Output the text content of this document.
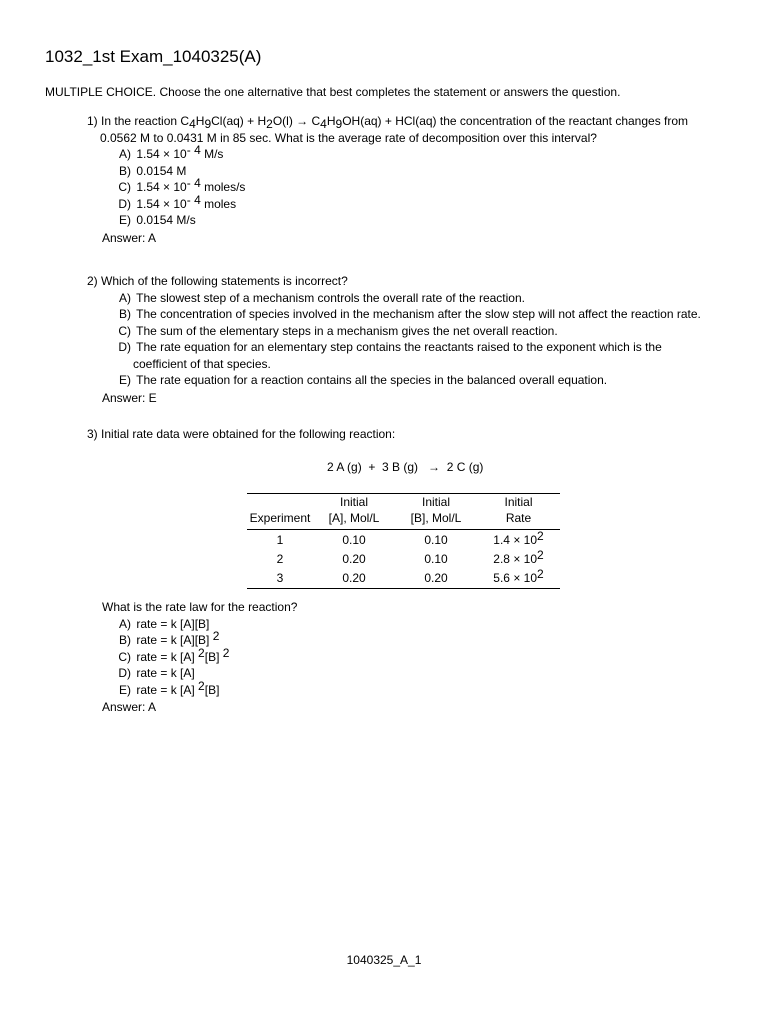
1032_1st Exam_1040325(A)
MULTIPLE CHOICE. Choose the one alternative that best completes the statement or answers the question.
1) In the reaction $C_4H_9Cl(aq) + H_2O(l) \to C_4H_9OH(aq) + HCl(aq)$ the concentration of the reactant changes from
0.0562 M to 0.0431 M in 85 sec. What is the average rate of decomposition over this interval?
A) $1.54 \times 10^{- 4}$ M/s
B) 0.0154 M
C) $1.54 \times 10^{- 4}$ moles/s
D) $1.54 \times 10^{- 4}$ moles
E) 0.0154 M/s
Answer: A
2) Which of the following statements is incorrect?
A) The slowest step of a mechanism controls the overall rate of the reaction.
B) The concentration of species involved in the mechanism after the slow step will not affect the reaction rate.
C) The sum of the elementary steps in a mechanism gives the net overall reaction.
D) The rate equation for an elementary step contains the reactants raised to the exponent which is the
coefficient of that species.
E) The rate equation for a reaction contains all the species in the balanced overall equation.
Answer: E
3) Initial rate data were obtained for the following reaction:
2 A (g)  +  3 B (g)   →  2 C (g)
	Initial	Initial	Initial
Experiment	[A], Mol/L	[B], Mol/L	Rate
1	0.10	0.10	$1.4 \times 10^2$
2	0.20	0.10	$2.8 \times 10^2$
3	0.20	0.20	$5.6 \times 10^2$
What is the rate law for the reaction?
A) rate = k [A][B]
B) rate = k [A][B] $^2$
C) rate = k [A] $^2$[B] $^2$
D) rate = k [A]
E) rate = k [A] $^2$[B]
Answer: A
1040325_A_1
